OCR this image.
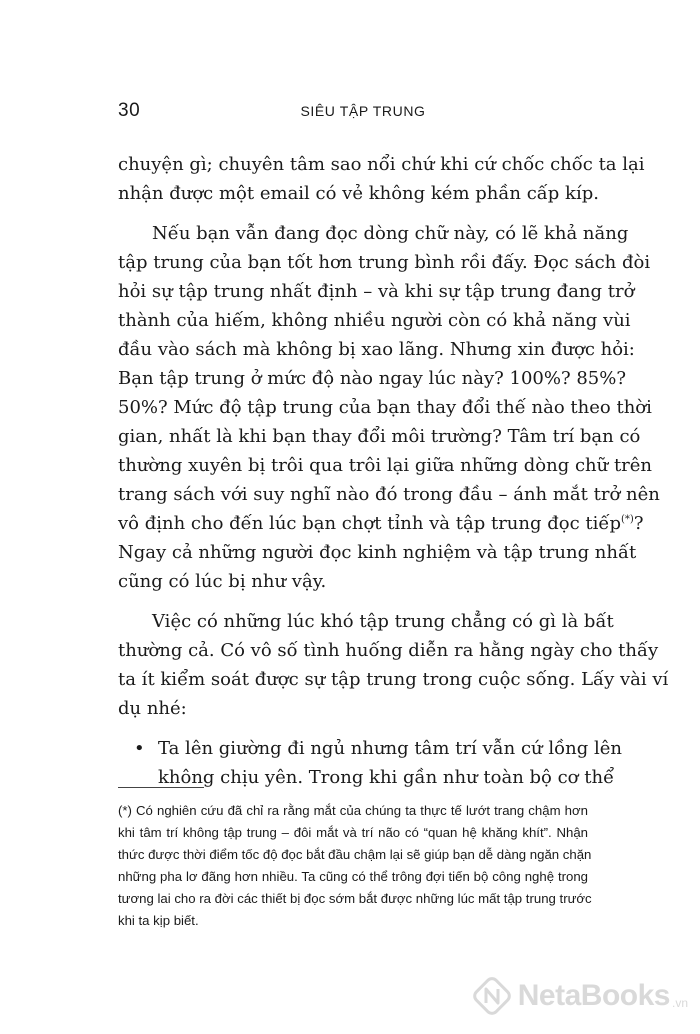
30	SIÊU TẬP TRUNG

chuyện gì; chuyên tâm sao nổi chứ khi cứ chốc chốc ta lại
nhận được một email có vẻ không kém phần cấp kíp.

Nếu bạn vẫn đang đọc dòng chữ này, có lẽ khả năng
tập trung của bạn tốt hơn trung bình rồi đấy. Đọc sách đòi
hỏi sự tập trung nhất định – và khi sự tập trung đang trở
thành của hiếm, không nhiều người còn có khả năng vùi
đầu vào sách mà không bị xao lãng. Nhưng xin được hỏi:
Bạn tập trung ở mức độ nào ngay lúc này? 100%? 85%?
50%? Mức độ tập trung của bạn thay đổi thế nào theo thời
gian, nhất là khi bạn thay đổi môi trường? Tâm trí bạn có
thường xuyên bị trôi qua trôi lại giữa những dòng chữ trên
trang sách với suy nghĩ nào đó trong đầu – ánh mắt trở nên
vô định cho đến lúc bạn chợt tỉnh và tập trung đọc tiếp(*)?
Ngay cả những người đọc kinh nghiệm và tập trung nhất
cũng có lúc bị như vậy.

Việc có những lúc khó tập trung chẳng có gì là bất
thường cả. Có vô số tình huống diễn ra hằng ngày cho thấy
ta ít kiểm soát được sự tập trung trong cuộc sống. Lấy vài ví
dụ nhé:

• Ta lên giường đi ngủ nhưng tâm trí vẫn cứ lồng lên
không chịu yên. Trong khi gần như toàn bộ cơ thể
(*) Có nghiên cứu đã chỉ ra rằng mắt của chúng ta thực tế lướt trang chậm hơn
khi tâm trí không tập trung – đôi mắt và trí não có “quan hệ khăng khít”. Nhận
thức được thời điểm tốc độ đọc bắt đầu chậm lại sẽ giúp bạn dễ dàng ngăn chặn
những pha lơ đãng hơn nhiều. Ta cũng có thể trông đợi tiến bộ công nghệ trong
tương lai cho ra đời các thiết bị đọc sớm bắt được những lúc mất tập trung trước
khi ta kịp biết.
NetaBooks .vn
